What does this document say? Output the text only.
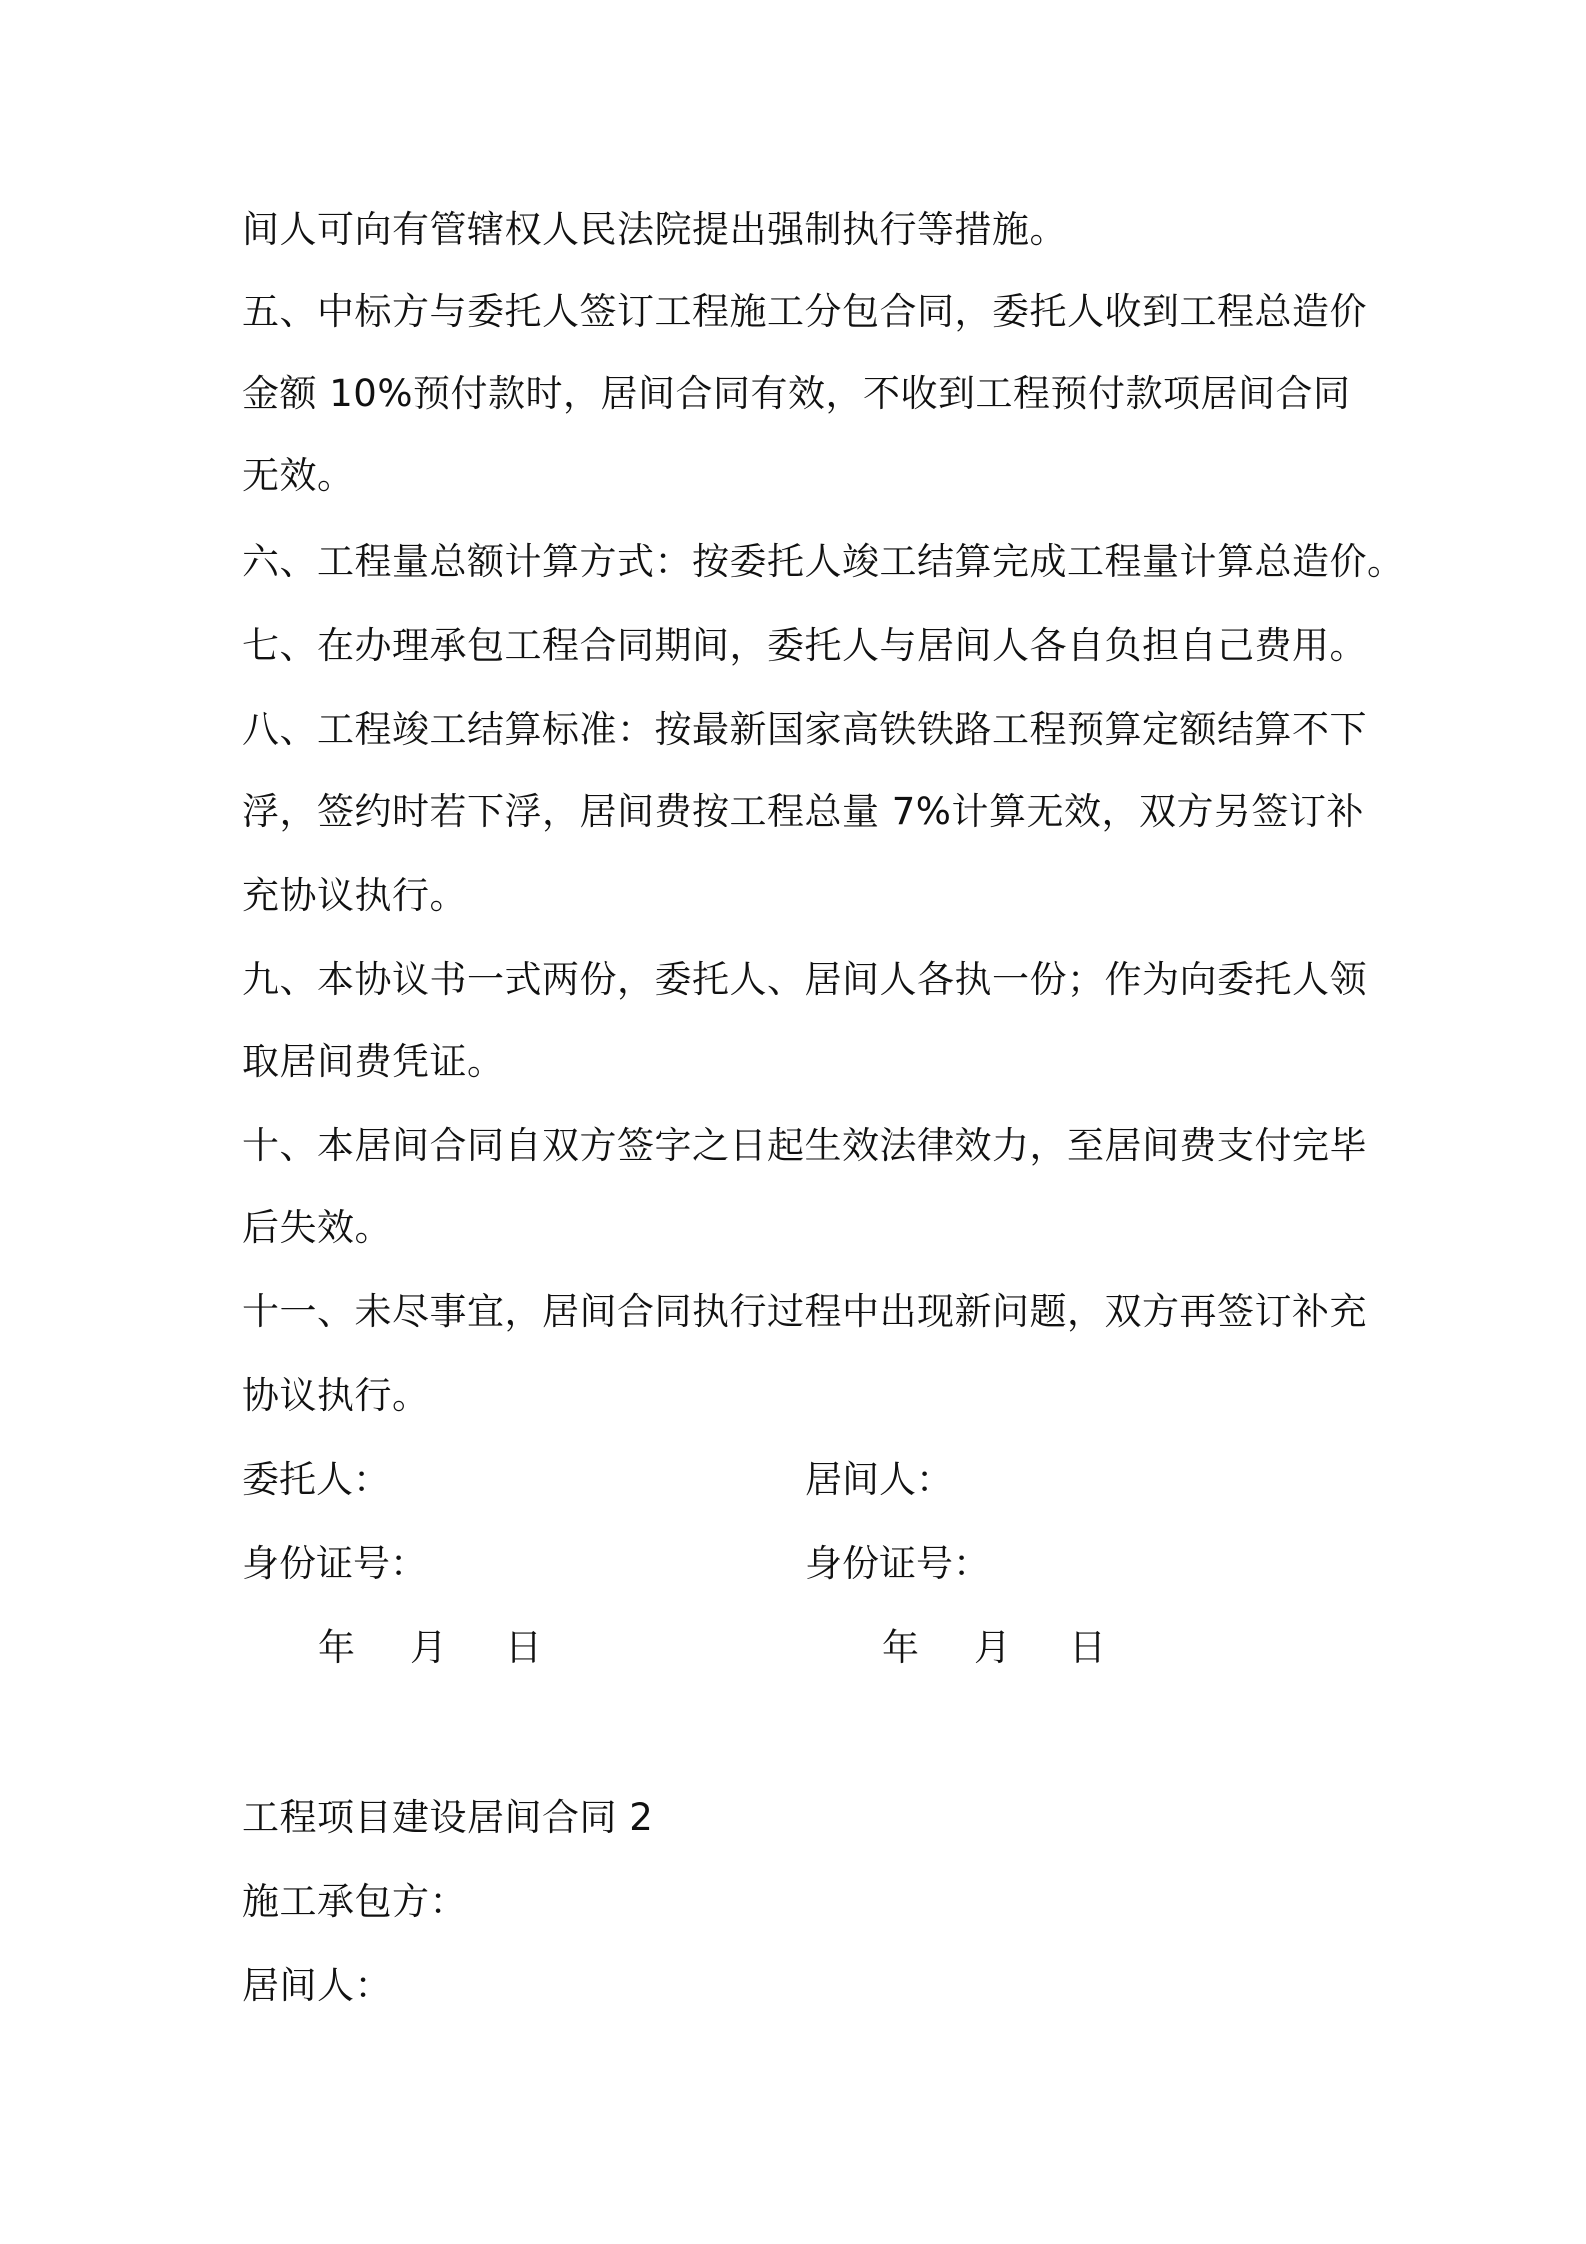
间人可向有管辖权人民法院提出强制执行等措施。
五、中标方与委托人签订工程施工分包合同，委托人收到工程总造价
金额 10%预付款时，居间合同有效，不收到工程预付款项居间合同
无效。
六、工程量总额计算方式：按委托人竣工结算完成工程量计算总造价。
七、在办理承包工程合同期间，委托人与居间人各自负担自己费用。
八、工程竣工结算标准：按最新国家高铁铁路工程预算定额结算不下
浮，签约时若下浮，居间费按工程总量 7%计算无效，双方另签订补
充协议执行。
九、本协议书一式两份，委托人、居间人各执一份；作为向委托人领
取居间费凭证。
十、本居间合同自双方签字之日起生效法律效力，至居间费支付完毕
后失效。
十一、未尽事宜，居间合同执行过程中出现新问题，双方再签订补充
协议执行。
委托人：	居间人：
身份证号：	身份证号：
年 月 日	年 月 日
工程项目建设居间合同 2
施工承包方：
居间人：
